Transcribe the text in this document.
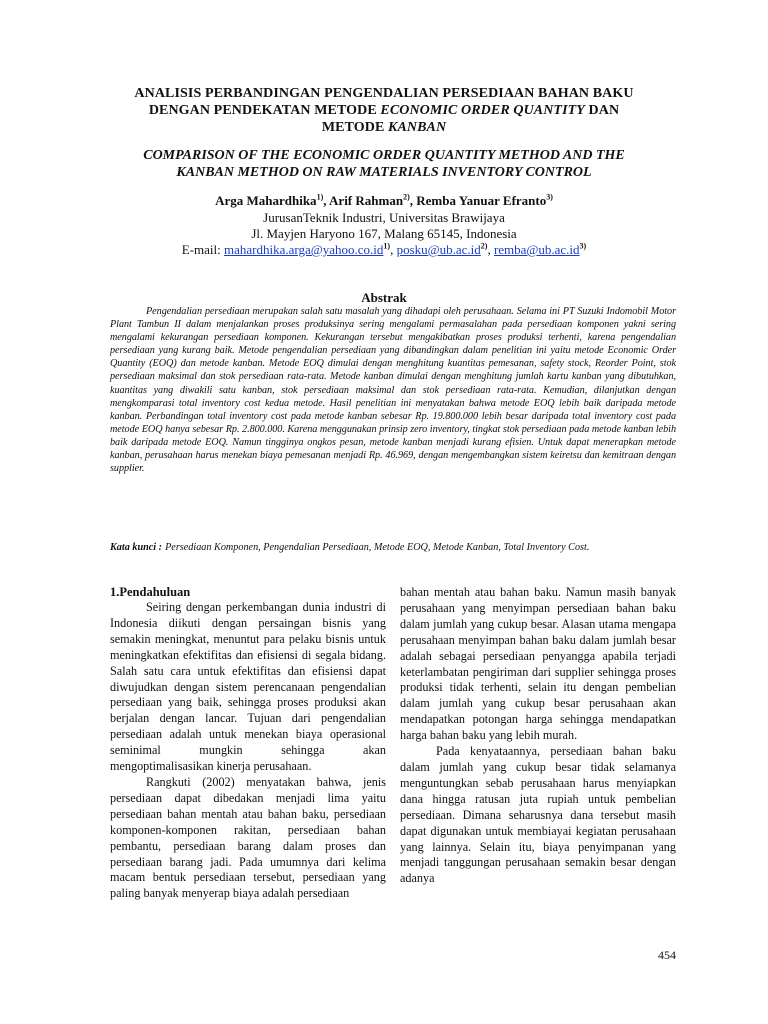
ANALISIS PERBANDINGAN PENGENDALIAN PERSEDIAAN BAHAN BAKU
DENGAN PENDEKATAN METODE ECONOMIC ORDER QUANTITY DAN
METODE KANBAN
COMPARISON OF THE ECONOMIC ORDER QUANTITY METHOD AND THE
KANBAN METHOD ON RAW MATERIALS INVENTORY CONTROL
Arga Mahardhika$^{1)}$, Arif Rahman$^{2)}$, Remba Yanuar Efranto$^{3)}$
JurusanTeknik Industri, Universitas Brawijaya
Jl. Mayjen Haryono 167, Malang 65145, Indonesia
E-mail: $mahardhika.arga@yahoo.co.id^{1)}$, $posku@ub.ac.id^{2)}$, $remba@ub.ac.id^{3)}$
Abstrak
Pengendalian persediaan merupakan salah satu masalah yang dihadapi oleh perusahaan. Selama ini PT Suzuki Indomobil Motor Plant Tambun II dalam menjalankan proses produksinya sering mengalami permasalahan pada persediaan komponen yakni sering mengalami kekurangan persediaan komponen. Kekurangan tersebut mengakibatkan proses produksi terhenti, karena pengendalian persediaan yang kurang baik. Metode pengendalian persediaan yang dibandingkan dalam penelitian ini yaitu metode Economic Order Quantity (EOQ) dan metode kanban. Metode EOQ dimulai dengan menghitung kuantitas pemesanan, safety stock, Reorder Point, stok persediaan maksimal dan stok persediaan rata-rata. Metode kanban dimulai dengan menghitung jumlah kartu kanban yang dibutuhkan, kuantitas yang diwakili satu kanban, stok persediaan maksimal dan stok persediaan rata-rata. Kemudian, dilanjutkan dengan mengkomparasi total inventory cost kedua metode. Hasil penelitian ini menyatakan bahwa metode EOQ lebih baik daripada metode kanban. Perbandingan total inventory cost pada metode kanban sebesar Rp. 19.800.000 lebih besar daripada total inventory cost pada metode EOQ hanya sebesar Rp. 2.800.000. Karena menggunakan prinsip zero inventory, tingkat stok persediaan pada metode kanban lebih baik daripada metode EOQ. Namun tingginya ongkos pesan, metode kanban menjadi kurang efisien. Untuk dapat menerapkan metode kanban, perusahaan harus menekan biaya pemesanan menjadi Rp. 46.969, dengan mengembangkan sistem keiretsu dan kemitraan dengan supplier.
Kata kunci : Persediaan Komponen, Pengendalian Persediaan, Metode EOQ, Metode Kanban, Total Inventory Cost.
1.Pendahuluan

Seiring dengan perkembangan dunia industri di Indonesia diikuti dengan persaingan bisnis yang semakin meningkat, menuntut para pelaku bisnis untuk meningkatkan efektifitas dan efisiensi di segala bidang. Salah satu cara untuk efektifitas dan efisiensi dapat diwujudkan dengan sistem perencanaan pengendalian persediaan yang baik, sehingga proses produksi akan berjalan dengan lancar. Tujuan dari pengendalian persediaan adalah untuk menekan biaya operasional seminimal mungkin sehingga akan mengoptimalisasikan kinerja perusahaan.

Rangkuti (2002) menyatakan bahwa, jenis persediaan dapat dibedakan menjadi lima yaitu persediaan bahan mentah atau bahan baku, persediaan komponen-komponen rakitan, persediaan bahan pembantu, persediaan barang dalam proses dan persediaan barang jadi. Pada umumnya dari kelima macam bentuk persediaan tersebut, persediaan yang paling banyak menyerap biaya adalah persediaan

bahan mentah atau bahan baku. Namun masih banyak perusahaan yang menyimpan persediaan bahan baku dalam jumlah yang cukup besar. Alasan utama mengapa perusahaan menyimpan bahan baku dalam jumlah besar adalah sebagai persediaan penyangga apabila terjadi keterlambatan pengiriman dari supplier sehingga proses produksi tidak terhenti, selain itu dengan pembelian dalam jumlah yang cukup besar perusahaan akan mendapatkan potongan harga sehingga mendapatkan harga bahan baku yang lebih murah.

Pada kenyataannya, persediaan bahan baku dalam jumlah yang cukup besar tidak selamanya menguntungkan sebab perusahaan harus menyiapkan dana hingga ratusan juta rupiah untuk pembelian persediaan. Dimana seharusnya dana tersebut masih dapat digunakan untuk membiayai kegiatan perusahaan yang lainnya. Selain itu, biaya penyimpanan yang menjadi tanggungan perusahaan semakin besar dengan adanya

454
